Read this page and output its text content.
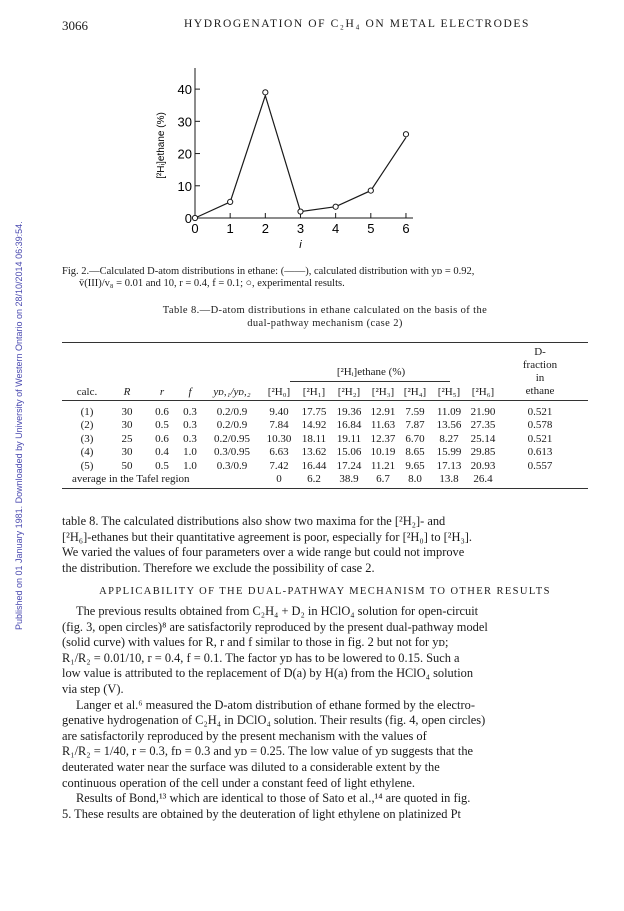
Published on 01 January 1981. Downloaded by University of Western Ontario on 28/10/2014 06:39:54.
3066	HYDROGENATION OF C₂H₄ ON METAL ELECTRODES
0 1 2 3 4 5 6
0
10
20
30
40
[²Hᵢ]ethane (%)
i
Fig. 2.—Calculated D-atom distributions in ethane: (——), calculated distribution with yᴅ = 0.92,
v̄(III)/v₈ = 0.01 and 10, r = 0.4, f = 0.1; ○, experimental results.
Table 8.—D-atom distributions in ethane calculated on the basis of the
dual-pathway mechanism (case 2)
[²Hᵢ]ethane (%)
D-
fraction
in
ethane
calc.	R	r	f	yᴅ,₁/yᴅ,₂	[²H₀]	[²H₁]	[²H₂]	[²H₃] [²H₄]	[²H₅]	[²H₆]
(1)	30	0.6	0.3	0.2/0.9	9.40	17.75 19.36 12.91 7.59	11.09 21.90	0.521
(2)	30	0.5	0.3	0.2/0.9	7.84	14.92 16.84 11.63 7.87	13.56 27.35	0.578
(3)	25	0.6	0.3	0.2/0.95	10.30 18.11 19.11 12.37 6.70	8.27	25.14	0.521
(4)	30	0.4	1.0	0.3/0.95	6.63	13.62 15.06 10.19 8.65	15.99 29.85	0.613
(5)	50	0.5	1.0	0.3/0.9	7.42	16.44 17.24 11.21 9.65	17.13 20.93	0.557
average in the Tafel region	0	6.2	38.9	6.7	8.0	13.8	26.4

table 8. The calculated distributions also show two maxima for the [²H₂]- and

[²H₆]-ethanes but their quantitative agreement is poor, especially for [²H₀] to [²H₃].

We varied the values of four parameters over a wide range but could not improve

the distribution. Therefore we exclude the possibility of case 2.

APPLICABILITY OF THE DUAL-PATHWAY MECHANISM TO OTHER RESULTS

The previous results obtained from C₂H₄ + D₂ in HClO₄ solution for open-circuit

(fig. 3, open circles)⁸ are satisfactorily reproduced by the present dual-pathway model

(solid curve) with values for R, r and f similar to those in fig. 2 but not for yᴅ;

R₁/R₂ = 0.01/10, r = 0.4, f = 0.1. The factor yᴅ has to be lowered to 0.15. Such a

low value is attributed to the replacement of D(a) by H(a) from the HClO₄ solution

via step (V).

Langer et al.⁶ measured the D-atom distribution of ethane formed by the electro-

genative hydrogenation of C₂H₄ in DClO₄ solution. Their results (fig. 4, open circles)

are satisfactorily reproduced by the present mechanism with the values of

R₁/R₂ = 1/40, r = 0.3, fᴅ = 0.3 and yᴅ = 0.25. The low value of yᴅ suggests that the

deuterated water near the surface was diluted to a considerable extent by the

continuous operation of the cell under a constant feed of light ethylene.

Results of Bond,¹³ which are identical to those of Sato et al.,¹⁴ are quoted in fig.

5. These results are obtained by the deuteration of light ethylene on platinized Pt
